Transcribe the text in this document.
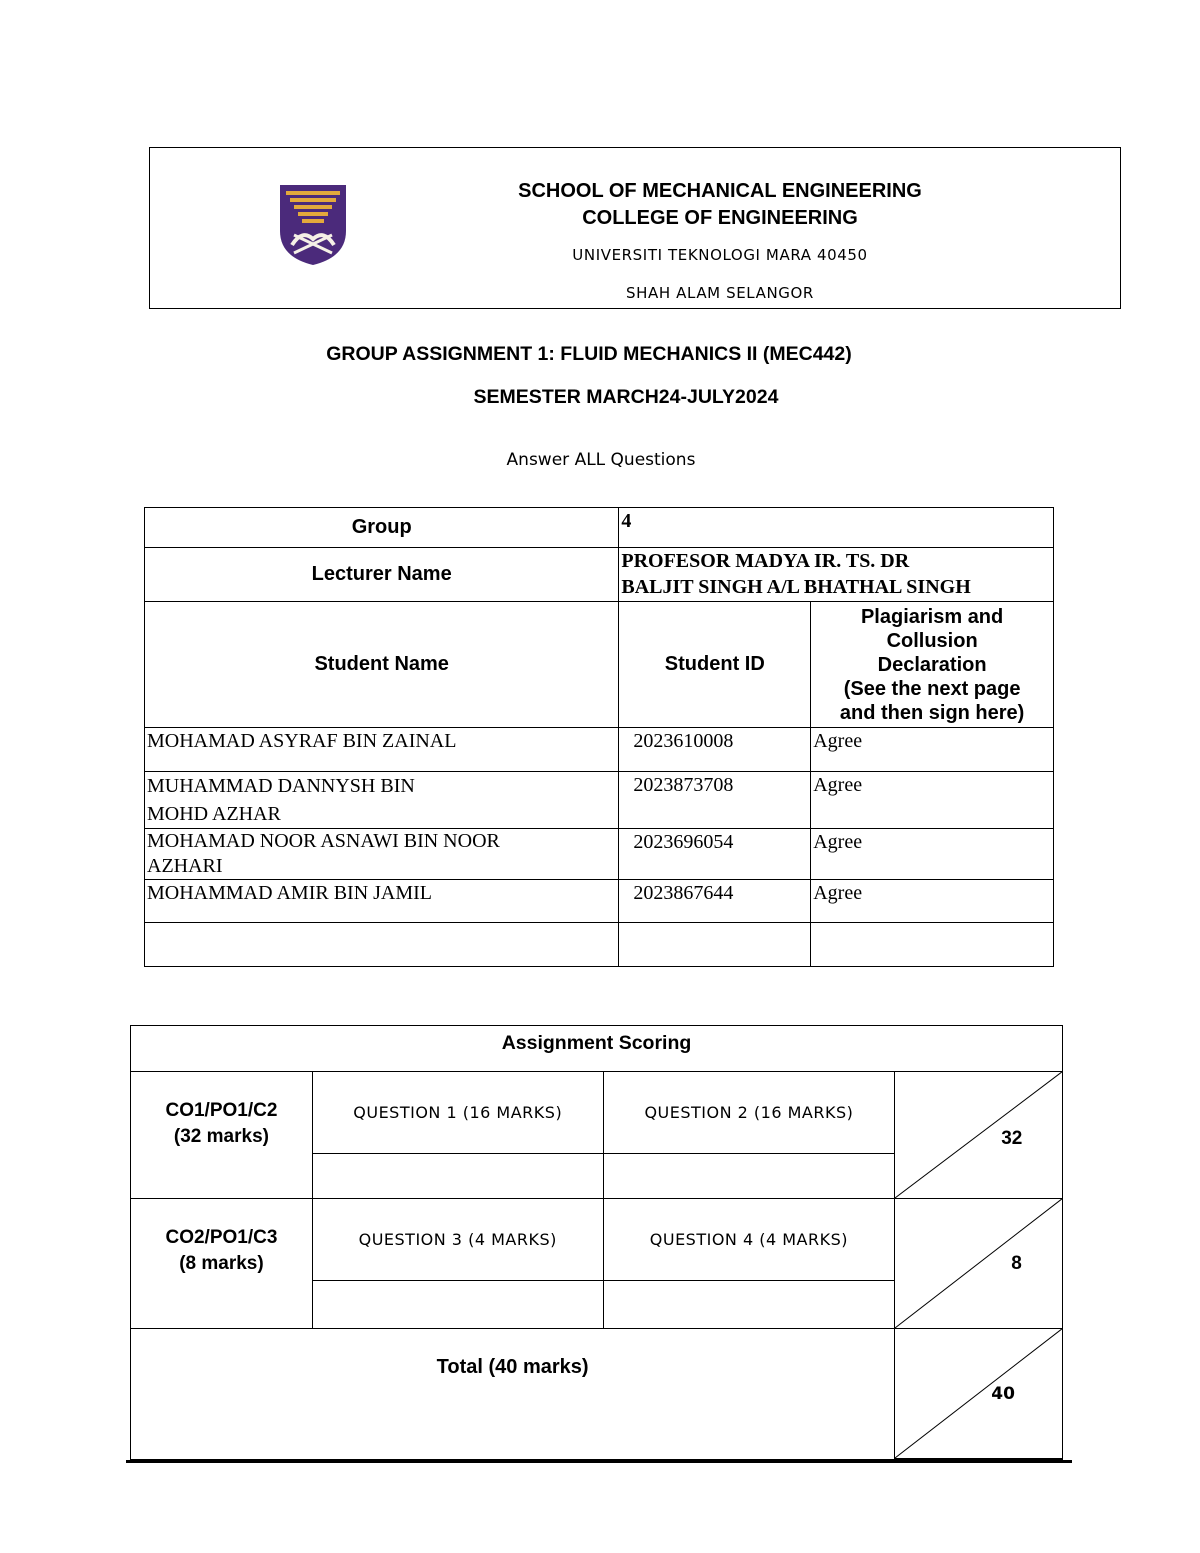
SCHOOL OF MECHANICAL ENGINEERING
COLLEGE OF ENGINEERING
UNIVERSITI TEKNOLOGI MARA 40450
SHAH ALAM SELANGOR
GROUP ASSIGNMENT 1: FLUID MECHANICS II (MEC442)
SEMESTER MARCH24-JULY2024
Answer ALL Questions
Group	4	
Lecturer Name	PROFESOR MADYA IR. TS. DR
BALJIT SINGH A/L BHATHAL SINGH	

Student Name	Student ID	Plagiarism and
Collusion
Declaration
(See the next page
and then sign here)

MOHAMAD ASYRAF BIN ZAINAL	2023610008	Agree

MUHAMMAD DANNYSH BIN
MOHD AZHAR	2023873708	Agree

MOHAMAD NOOR ASNAWI BIN NOOR
AZHARI	2023696054	Agree

MOHAMMAD AMIR BIN JAMIL	2023867644	Agree

Assignment Scoring			

CO1/PO1/C2
(32 marks)	QUESTION 1 (16 MARKS)	QUESTION 2 (16 MARKS)	32

CO2/PO1/C3
(8 marks)	QUESTION 3 (4 MARKS)	QUESTION 4 (4 MARKS)	8

Total (40 marks)			40
